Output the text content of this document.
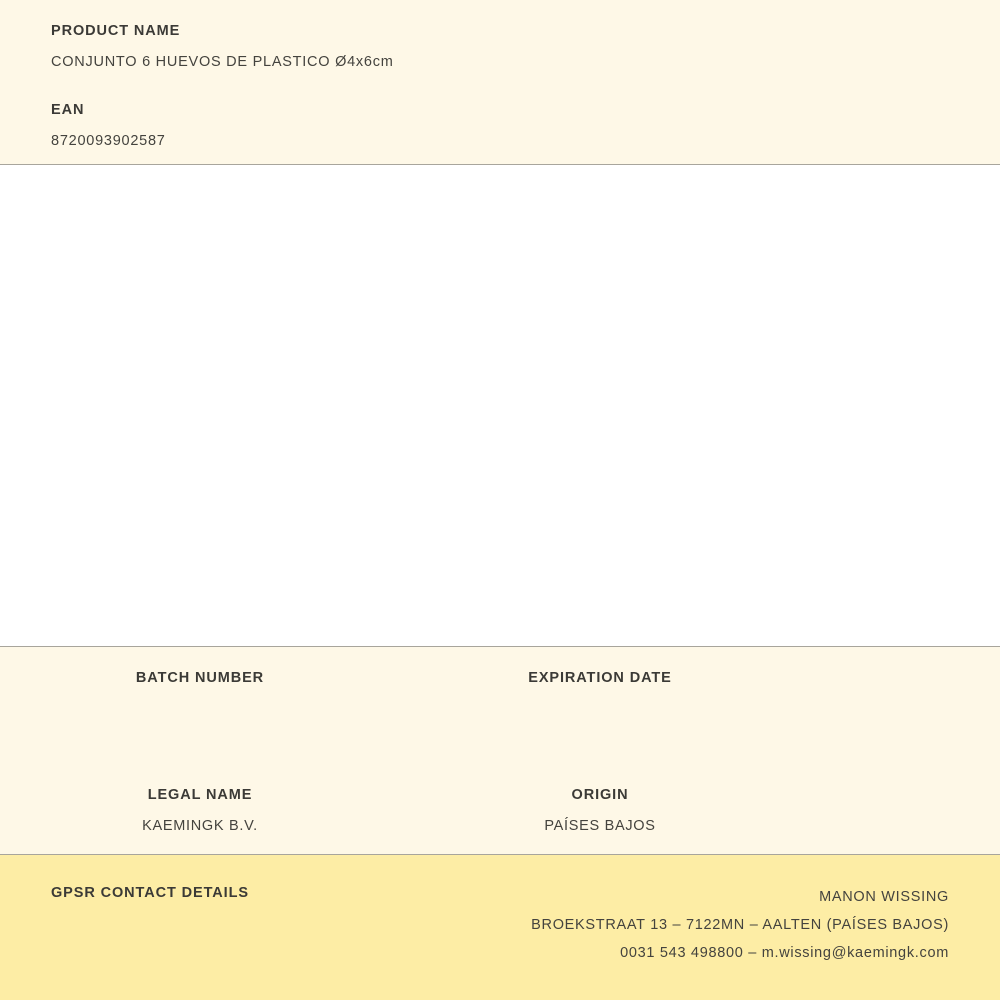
PRODUCT NAME
CONJUNTO 6 HUEVOS DE PLASTICO Ø4x6cm
EAN
8720093902587
BATCH NUMBER	EXPIRATION DATE
LEGAL NAME
KAEMINGK B.V.
ORIGIN
PAÍSES BAJOS
GPSR CONTACT DETAILS	MANON WISSING
BROEKSTRAAT 13 – 7122MN – AALTEN (PAÍSES BAJOS)
0031 543 498800 – m.wissing@kaemingk.com
